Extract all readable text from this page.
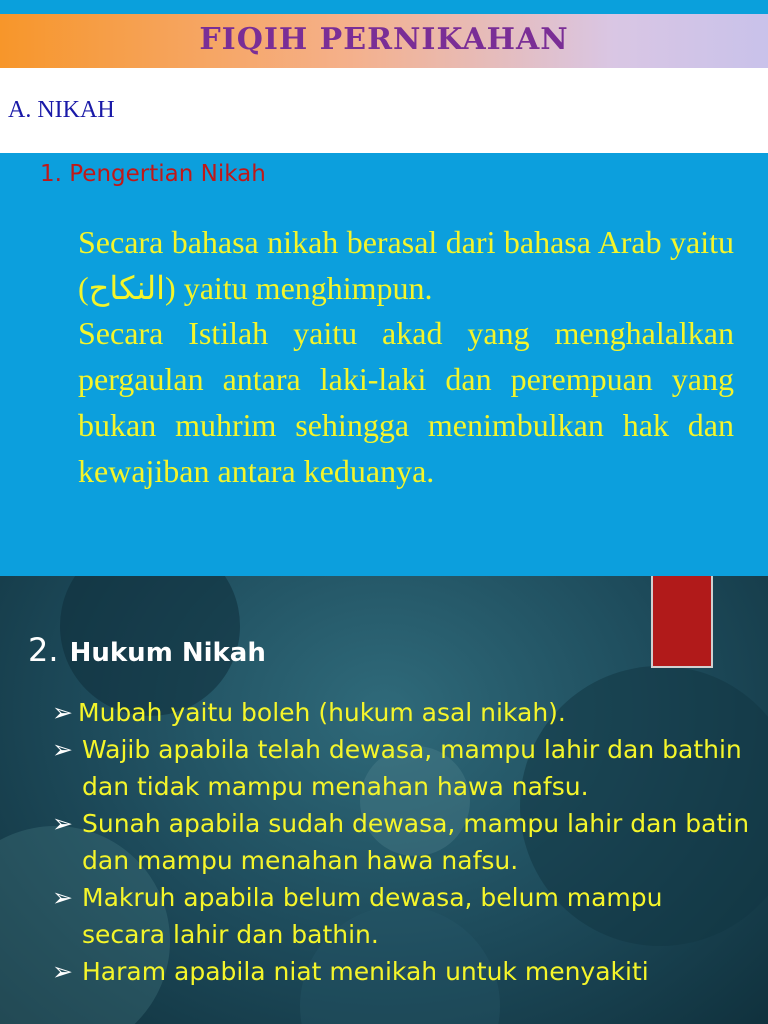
FIQIH PERNIKAHAN
A. NIKAH
1. Pengertian Nikah

Secara bahasa nikah berasal dari bahasa Arab yaitu (النكاح) yaitu menghimpun.

Secara Istilah yaitu akad yang menghalalkan pergaulan antara laki-laki dan perempuan yang bukan muhrim sehingga menimbulkan hak dan kewajiban antara keduanya.

2. Hukum Nikah
➢ Mubah yaitu boleh (hukum asal nikah).
➢ Wajib apabila telah dewasa, mampu lahir dan bathin dan tidak mampu menahan hawa nafsu.
➢ Sunah apabila sudah dewasa, mampu lahir dan batin dan mampu menahan hawa nafsu.
➢ Makruh apabila belum dewasa, belum mampu secara lahir dan bathin.
➢ Haram apabila niat menikah untuk menyakiti
